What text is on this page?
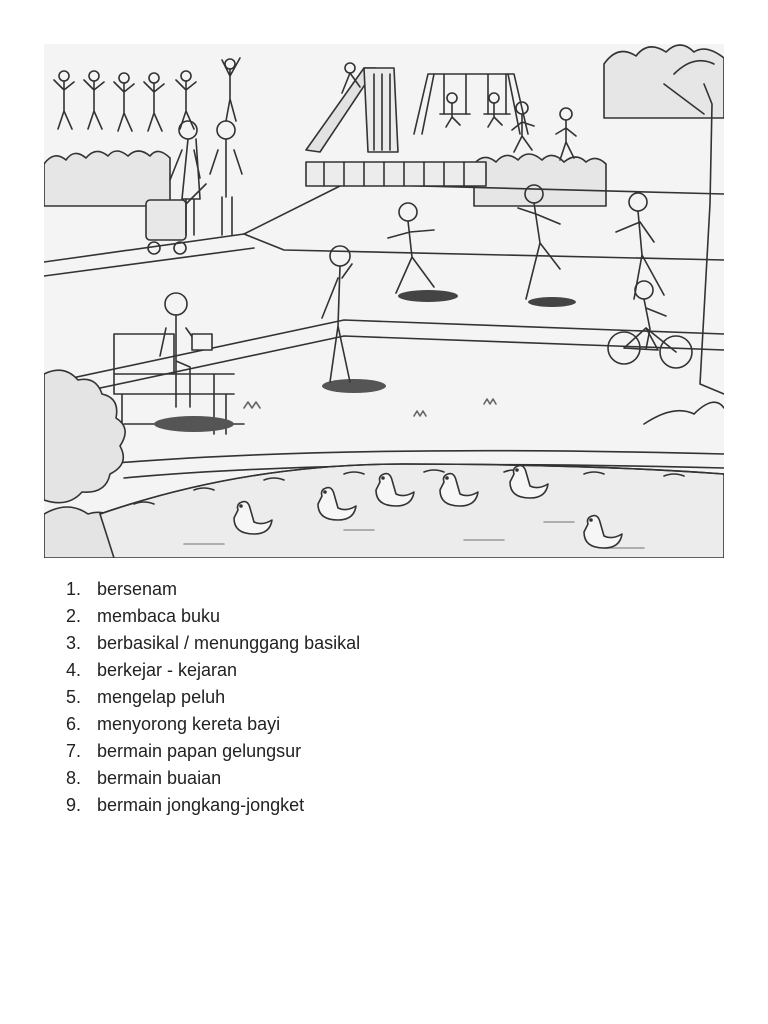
1. bersenam
2. membaca buku
3. berbasikal / menunggang basikal
4. berkejar - kejaran
5. mengelap peluh
6. menyorong kereta bayi
7. bermain papan gelungsur
8. bermain buaian
9. bermain jongkang-jongket
